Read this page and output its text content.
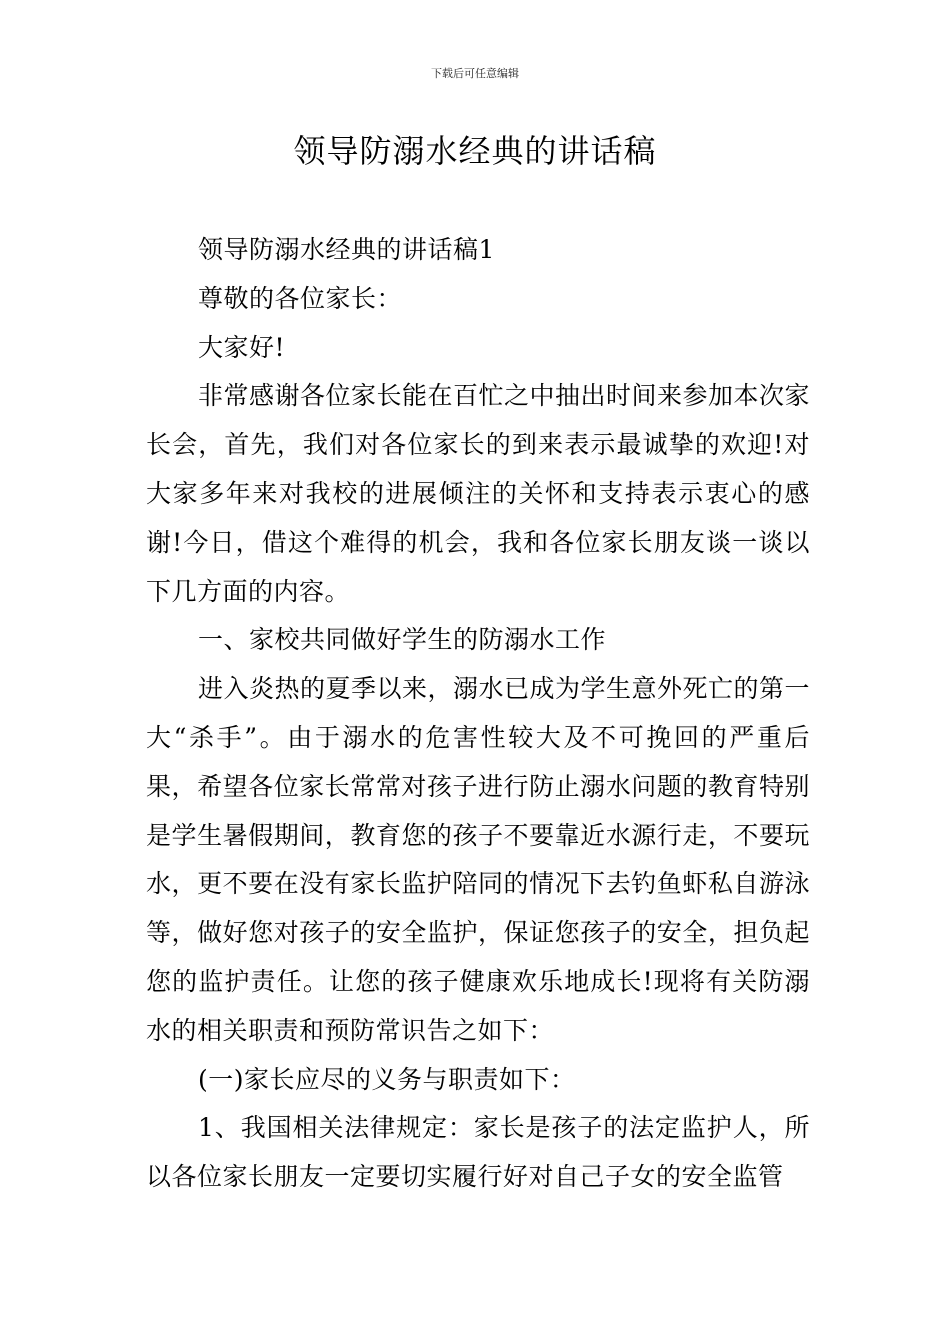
下载后可任意编辑
领导防溺水经典的讲话稿

领导防溺水经典的讲话稿1

尊敬的各位家长：

大家好!

非常感谢各位家长能在百忙之中抽出时间来参加本次家长会，首先，我们对各位家长的到来表示最诚挚的欢迎!对大家多年来对我校的进展倾注的关怀和支持表示衷心的感谢!今日，借这个难得的机会，我和各位家长朋友谈一谈以下几方面的内容。

一、家校共同做好学生的防溺水工作

进入炎热的夏季以来，溺水已成为学生意外死亡的第一大“杀手”。由于溺水的危害性较大及不可挽回的严重后果，希望各位家长常常对孩子进行防止溺水问题的教育特别是学生暑假期间，教育您的孩子不要靠近水源行走，不要玩水，更不要在没有家长监护陪同的情况下去钓鱼虾私自游泳等，做好您对孩子的安全监护，保证您孩子的安全，担负起您的监护责任。让您的孩子健康欢乐地成长!现将有关防溺水的相关职责和预防常识告之如下：

(一)家长应尽的义务与职责如下：

1、我国相关法律规定：家长是孩子的法定监护人，所以各位家长朋友一定要切实履行好对自己子女的安全监管
